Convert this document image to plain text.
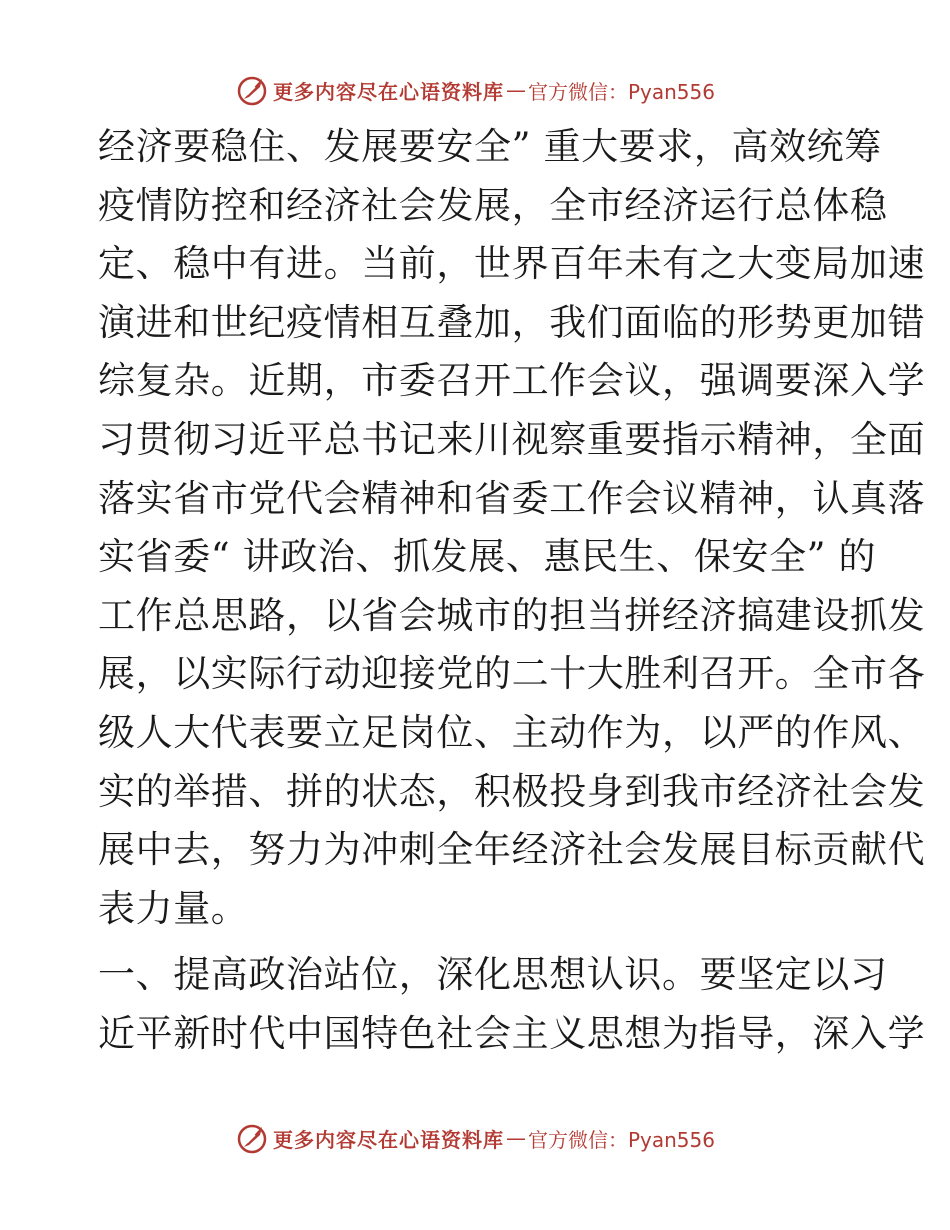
更多内容尽在心语资料库 — 官方微信：Pyan556
经济要稳住、发展要安全” 重大要求，高效统筹
疫情防控和经济社会发展，全市经济运行总体稳
定、稳中有进。当前，世界百年未有之大变局加速
演进和世纪疫情相互叠加，我们面临的形势更加错
综复杂。近期，市委召开工作会议，强调要深入学
习贯彻习近平总书记来川视察重要指示精神，全面
落实省市党代会精神和省委工作会议精神，认真落
实省委“ 讲政治、抓发展、惠民生、保安全” 的
工作总思路，以省会城市的担当拼经济搞建设抓发
展，以实际行动迎接党的二十大胜利召开。全市各
级人大代表要立足岗位、主动作为，以严的作风、
实的举措、拼的状态，积极投身到我市经济社会发
展中去，努力为冲刺全年经济社会发展目标贡献代
表力量。
一、提高政治站位，深化思想认识。要坚定以习
近平新时代中国特色社会主义思想为指导，深入学
更多内容尽在心语资料库 — 官方微信：Pyan556
